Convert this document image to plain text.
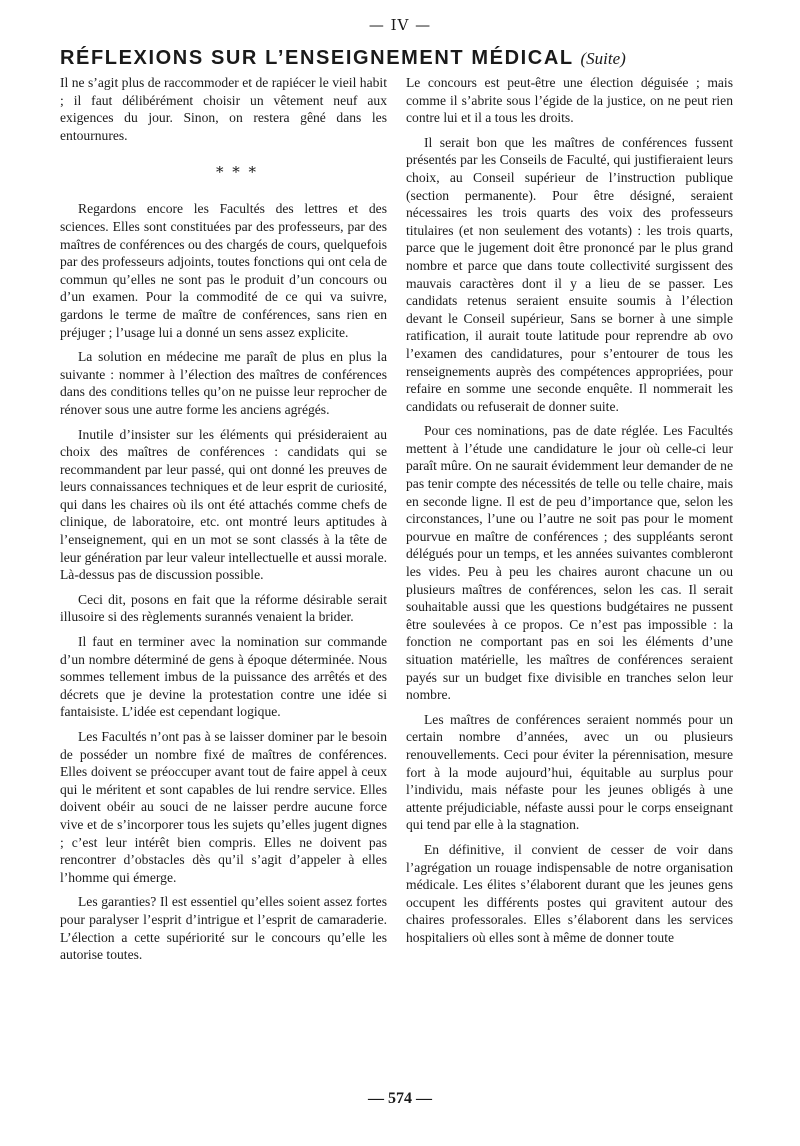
— IV —
RÉFLEXIONS SUR L’ENSEIGNEMENT MÉDICAL (Suite)

Il ne s’agit plus de raccommoder et de rapiécer le vieil habit ; il faut délibérément choisir un vêtement neuf aux exigences du jour. Sinon, on restera gêné dans les entournures.

Regardons encore les Facultés des lettres et des sciences. Elles sont constituées par des professeurs, par des maîtres de conférences ou des chargés de cours, quelquefois par des professeurs adjoints, toutes fonctions qui ont cela de commun qu’elles ne sont pas le produit d’un concours ou d’un examen. Pour la commodité de ce qui va suivre, gardons le terme de maître de conférences, sans rien en préjuger ; l’usage lui a donné un sens assez explicite.

La solution en médecine me paraît de plus en plus la suivante : nommer à l’élection des maîtres de conférences dans des conditions telles qu’on ne puisse leur reprocher de rénover sous une autre forme les anciens agrégés.

Inutile d’insister sur les éléments qui présideraient au choix des maîtres de conférences : candidats qui se recommandent par leur passé, qui ont donné les preuves de leurs connaissances techniques et de leur esprit de curiosité, qui dans les chaires où ils ont été attachés comme chefs de clinique, de laboratoire, etc. ont montré leurs aptitudes à l’enseignement, qui en un mot se sont classés à la tête de leur génération par leur valeur intellectuelle et aussi morale. Là-dessus pas de discussion possible.

Ceci dit, posons en fait que la réforme désirable serait illusoire si des règlements surannés venaient la brider.

Il faut en terminer avec la nomination sur commande d’un nombre déterminé de gens à époque déterminée. Nous sommes tellement imbus de la puissance des arrêtés et des décrets que je devine la protestation contre une idée si fantaisiste. L’idée est cependant logique.

Les Facultés n’ont pas à se laisser dominer par le besoin de posséder un nombre fixé de maîtres de conférences. Elles doivent se préoccuper avant tout de faire appel à ceux qui le méritent et sont capables de lui rendre service. Elles doivent obéir au souci de ne laisser perdre aucune force vive et de s’incorporer tous les sujets qu’elles jugent dignes ; c’est leur intérêt bien compris. Elles ne doivent pas rencontrer d’obstacles dès qu’il s’agit d’appeler à elles l’homme qui émerge.

Les garanties? Il est essentiel qu’elles soient assez fortes pour paralyser l’esprit d’intrigue et l’esprit de camaraderie. L’élection a cette supériorité sur le concours qu’elle les autorise toutes.

* * *

Le concours est peut-être une élection déguisée ; mais comme il s’abrite sous l’égide de la justice, on ne peut rien contre lui et il a tous les droits.

Il serait bon que les maîtres de conférences fussent présentés par les Conseils de Faculté, qui justifieraient leurs choix, au Conseil supérieur de l’instruction publique (section permanente). Pour être désigné, seraient nécessaires les trois quarts des voix des professeurs titulaires (et non seulement des votants) : les trois quarts, parce que le jugement doit être prononcé par le plus grand nombre et parce que dans toute collectivité surgissent des mauvais caractères dont il y a lieu de se passer. Les candidats retenus seraient ensuite soumis à l’élection devant le Conseil supérieur, Sans se borner à une simple ratification, il aurait toute latitude pour reprendre ab ovo l’examen des candidatures, pour s’entourer de tous les renseignements auprès des compétences appropriées, pour refaire en somme une seconde enquête. Il nommerait les candidats ou refuserait de donner suite.

Pour ces nominations, pas de date réglée. Les Facultés mettent à l’étude une candidature le jour où celle-ci leur paraît mûre. On ne saurait évidemment leur demander de ne pas tenir compte des nécessités de telle ou telle chaire, mais en seconde ligne. Il est de peu d’importance que, selon les circonstances, l’une ou l’autre ne soit pas pour le moment pourvue en maître de conférences ; des suppléants seront délégués pour un temps, et les années suivantes combleront les vides. Peu à peu les chaires auront chacune un ou plusieurs maîtres de conférences, selon les cas. Il serait souhaitable aussi que les questions budgétaires ne pussent être soulevées à ce propos. Ce n’est pas impossible : la fonction ne comportant pas en soi les éléments d’une situation matérielle, les maîtres de conférences seraient payés sur un budget fixe divisible en tranches selon leur nombre.

Les maîtres de conférences seraient nommés pour un certain nombre d’années, avec un ou plusieurs renouvellements. Ceci pour éviter la pérennisation, mesure fort à la mode aujourd’hui, équitable au surplus pour l’individu, mais néfaste pour les jeunes obligés à une attente préjudiciable, néfaste aussi pour le corps enseignant qui tend par elle à la stagnation.

En définitive, il convient de cesser de voir dans l’agrégation un rouage indispensable de notre organisation médicale. Les élites s’élaborent durant que les jeunes gens occupent les différents postes qui gravitent autour des chaires professorales. Elles s’élaborent dans les services hospitaliers où elles sont à même de donner toute

— 574 —
